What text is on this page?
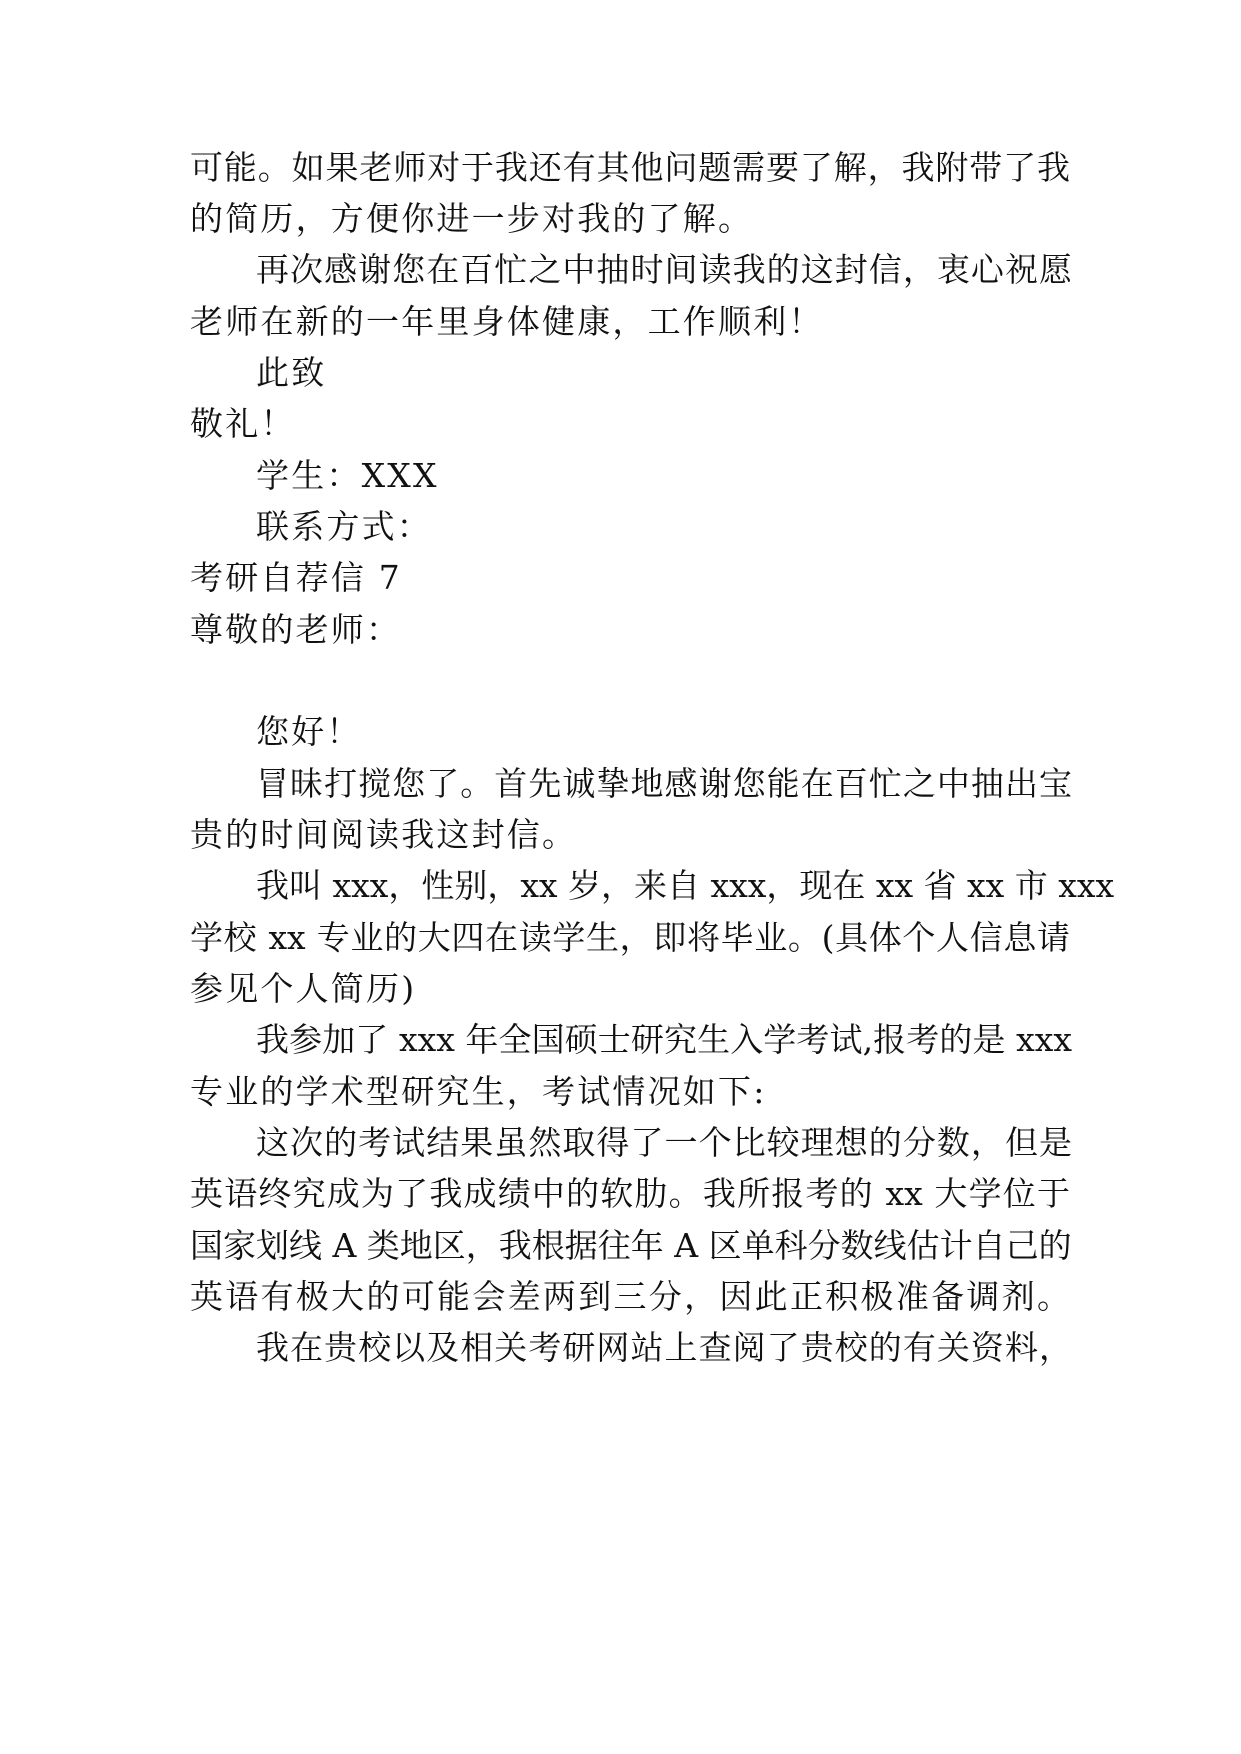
可能。如果老师对于我还有其他问题需要了解，我附带了我
的简历，方便你进一步对我的了解。
再次感谢您在百忙之中抽时间读我的这封信，衷心祝愿
老师在新的一年里身体健康，工作顺利！
此致
敬礼！
学生：XXX
联系方式：
考研自荐信 7
尊敬的老师：
您好！
冒昧打搅您了。首先诚挚地感谢您能在百忙之中抽出宝
贵的时间阅读我这封信。
我叫 xxx，性别，xx 岁，来自 xxx，现在 xx 省 xx 市 xxx
学校 xx 专业的大四在读学生，即将毕业。(具体个人信息请
参见个人简历)
我参加了 xxx 年全国硕士研究生入学考试,报考的是 xxx
专业的学术型研究生，考试情况如下:
这次的考试结果虽然取得了一个比较理想的分数，但是
英语终究成为了我成绩中的软肋。我所报考的 xx 大学位于
国家划线 A 类地区，我根据往年 A 区单科分数线估计自己的
英语有极大的可能会差两到三分，因此正积极准备调剂。
我在贵校以及相关考研网站上查阅了贵校的有关资料，
